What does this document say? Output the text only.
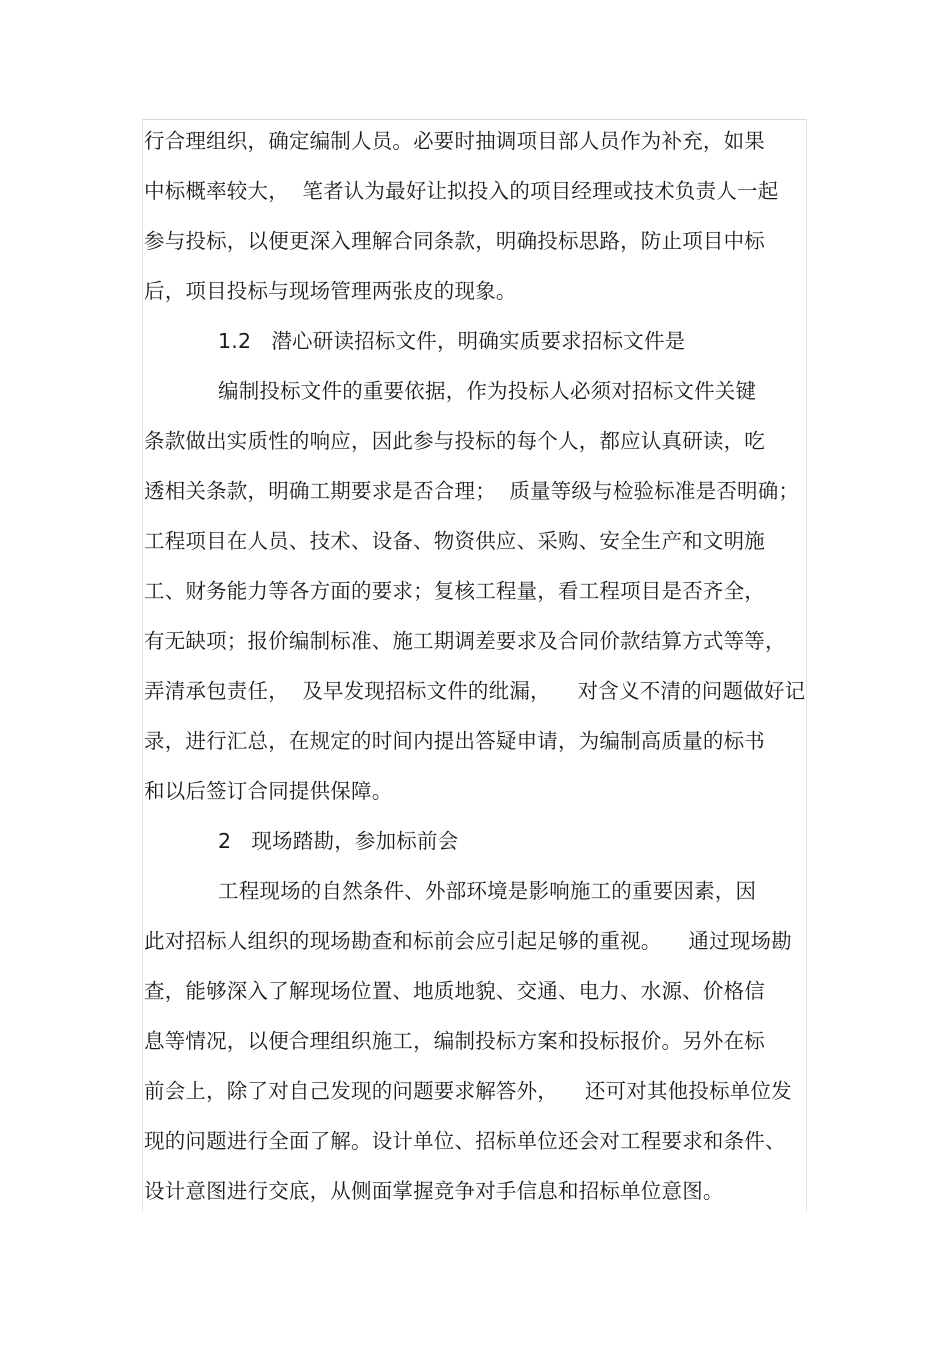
行合理组织，确定编制人员。必要时抽调项目部人员作为补充，如果
中标概率较大，  笔者认为最好让拟投入的项目经理或技术负责人一起
参与投标，以便更深入理解合同条款，明确投标思路，防止项目中标
后，项目投标与现场管理两张皮的现象。
1.2   潜心研读招标文件，明确实质要求招标文件是
编制投标文件的重要依据，作为投标人必须对招标文件关键
条款做出实质性的响应，因此参与投标的每个人，都应认真研读，吃
透相关条款，明确工期要求是否合理；  质量等级与检验标准是否明确；
工程项目在人员、技术、设备、物资供应、采购、安全生产和文明施
工、财务能力等各方面的要求；复核工程量，看工程项目是否齐全，
有无缺项；报价编制标准、施工期调差要求及合同价款结算方式等等，
弄清承包责任，  及早发现招标文件的纰漏，    对含义不清的问题做好记
录，进行汇总，在规定的时间内提出答疑申请，为编制高质量的标书
和以后签订合同提供保障。
2   现场踏勘，参加标前会
工程现场的自然条件、外部环境是影响施工的重要因素，因
此对招标人组织的现场勘查和标前会应引起足够的重视。    通过现场勘
查，能够深入了解现场位置、地质地貌、交通、电力、水源、价格信
息等情况，以便合理组织施工，编制投标方案和投标报价。另外在标
前会上，除了对自己发现的问题要求解答外，    还可对其他投标单位发
现的问题进行全面了解。设计单位、招标单位还会对工程要求和条件、
设计意图进行交底，从侧面掌握竞争对手信息和招标单位意图。
